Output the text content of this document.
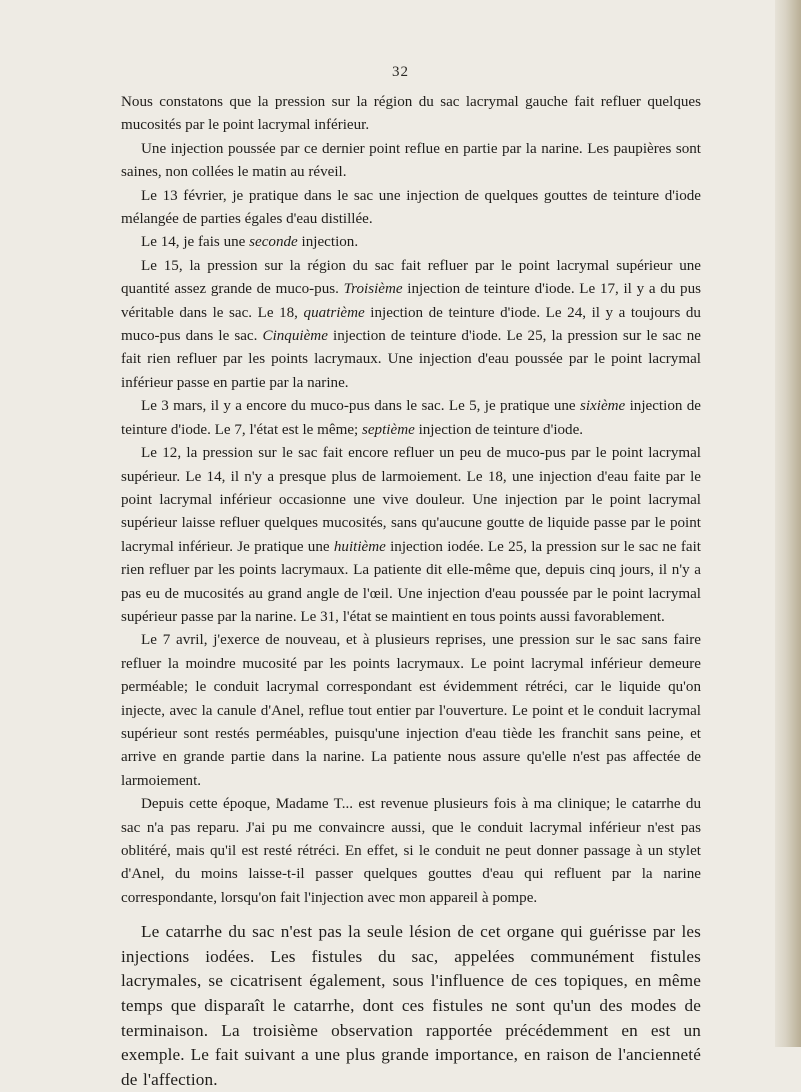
32

Nous constatons que la pression sur la région du sac lacrymal gauche fait refluer quelques mucosités par le point lacrymal inférieur.

Une injection poussée par ce dernier point reflue en partie par la narine. Les paupières sont saines, non collées le matin au réveil.

Le 13 février, je pratique dans le sac une injection de quelques gouttes de teinture d'iode mélangée de parties égales d'eau distillée.

Le 14, je fais une seconde injection.

Le 15, la pression sur la région du sac fait refluer par le point lacrymal supérieur une quantité assez grande de muco-pus. Troisième injection de teinture d'iode. Le 17, il y a du pus véritable dans le sac. Le 18, quatrième injection de teinture d'iode. Le 24, il y a toujours du muco-pus dans le sac. Cinquième injection de teinture d'iode. Le 25, la pression sur le sac ne fait rien refluer par les points lacrymaux. Une injection d'eau poussée par le point lacrymal inférieur passe en partie par la narine.

Le 3 mars, il y a encore du muco-pus dans le sac. Le 5, je pratique une sixième injection de teinture d'iode. Le 7, l'état est le même; septième injection de teinture d'iode.

Le 12, la pression sur le sac fait encore refluer un peu de muco-pus par le point lacrymal supérieur. Le 14, il n'y a presque plus de larmoiement. Le 18, une injection d'eau faite par le point lacrymal inférieur occasionne une vive douleur. Une injection par le point lacrymal supérieur laisse refluer quelques mucosités, sans qu'aucune goutte de liquide passe par le point lacrymal inférieur. Je pratique une huitième injection iodée. Le 25, la pression sur le sac ne fait rien refluer par les points lacrymaux. La patiente dit elle-même que, depuis cinq jours, il n'y a pas eu de mucosités au grand angle de l'œil. Une injection d'eau poussée par le point lacrymal supérieur passe par la narine. Le 31, l'état se maintient en tous points aussi favorablement.

Le 7 avril, j'exerce de nouveau, et à plusieurs reprises, une pression sur le sac sans faire refluer la moindre mucosité par les points lacrymaux. Le point lacrymal inférieur demeure perméable; le conduit lacrymal correspondant est évidemment rétréci, car le liquide qu'on injecte, avec la canule d'Anel, reflue tout entier par l'ouverture. Le point et le conduit lacrymal supérieur sont restés perméables, puisqu'une injection d'eau tiède les franchit sans peine, et arrive en grande partie dans la narine. La patiente nous assure qu'elle n'est pas affectée de larmoiement.

Depuis cette époque, Madame T... est revenue plusieurs fois à ma clinique; le catarrhe du sac n'a pas reparu. J'ai pu me convaincre aussi, que le conduit lacrymal inférieur n'est pas oblitéré, mais qu'il est resté rétréci. En effet, si le conduit ne peut donner passage à un stylet d'Anel, du moins laisse-t-il passer quelques gouttes d'eau qui refluent par la narine correspondante, lorsqu'on fait l'injection avec mon appareil à pompe.

Le catarrhe du sac n'est pas la seule lésion de cet organe qui guérisse par les injections iodées. Les fistules du sac, appelées communément fistules lacrymales, se cicatrisent également, sous l'influence de ces topiques, en même temps que disparaît le catarrhe, dont ces fistules ne sont qu'un des modes de terminaison. La troisième observation rapportée précédemment en est un exemple. Le fait suivant a une plus grande importance, en raison de l'ancienneté de l'affection.
